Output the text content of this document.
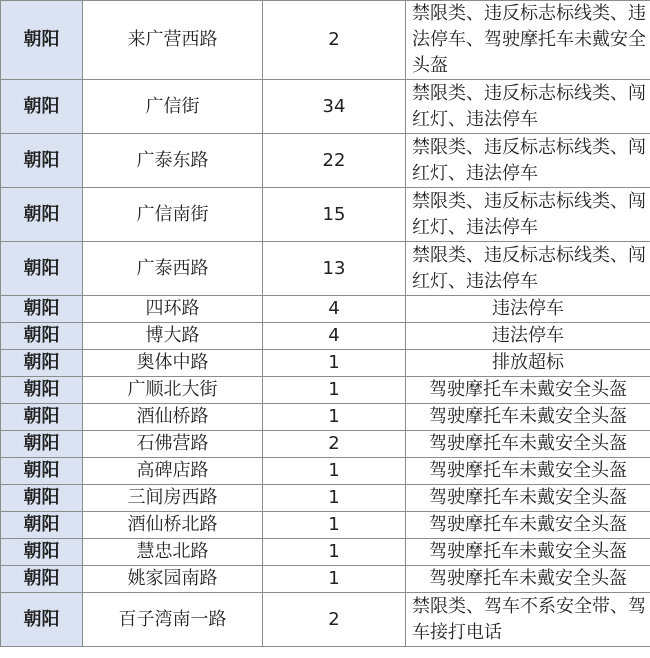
朝阳	来广营西路	2	禁限类、违反标志标线类、违法停车、驾驶摩托车未戴安全头盔
朝阳	广信街	34	禁限类、违反标志标线类、闯红灯、违法停车
朝阳	广泰东路	22	禁限类、违反标志标线类、闯红灯、违法停车
朝阳	广信南街	15	禁限类、违反标志标线类、闯红灯、违法停车
朝阳	广泰西路	13	禁限类、违反标志标线类、闯红灯、违法停车
朝阳	四环路	4	违法停车
朝阳	博大路	4	违法停车
朝阳	奥体中路	1	排放超标
朝阳	广顺北大街	1	驾驶摩托车未戴安全头盔
朝阳	酒仙桥路	1	驾驶摩托车未戴安全头盔
朝阳	石佛营路	2	驾驶摩托车未戴安全头盔
朝阳	高碑店路	1	驾驶摩托车未戴安全头盔
朝阳	三间房西路	1	驾驶摩托车未戴安全头盔
朝阳	酒仙桥北路	1	驾驶摩托车未戴安全头盔
朝阳	慧忠北路	1	驾驶摩托车未戴安全头盔
朝阳	姚家园南路	1	驾驶摩托车未戴安全头盔
朝阳	百子湾南一路	2	禁限类、驾车不系安全带、驾车接打电话
